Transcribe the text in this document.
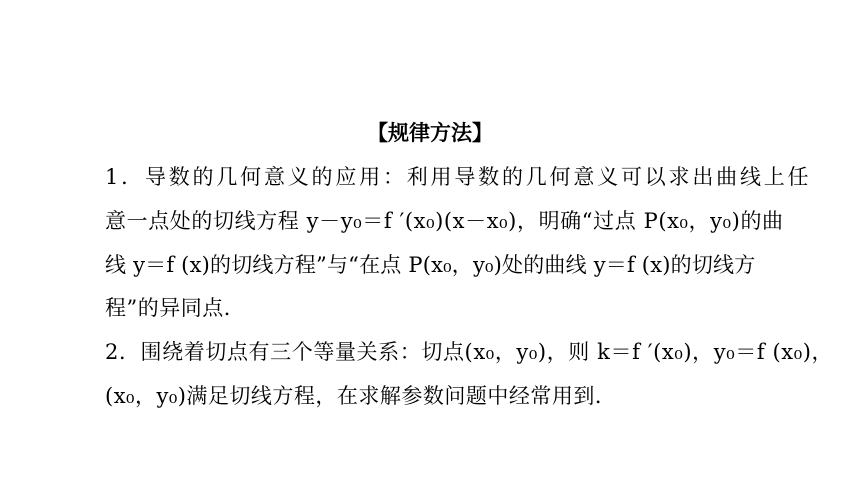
【规律方法】
1．导数的几何意义的应用：利用导数的几何意义可以求出曲线上任
意一点处的切线方程 y－y₀＝f ′(x₀)(x－x₀)，明确“过点 P(x₀，y₀)的曲
线 y＝f (x)的切线方程”与“在点 P(x₀，y₀)处的曲线 y＝f (x)的切线方
程”的异同点．
2．围绕着切点有三个等量关系：切点(x₀，y₀)，则 k＝f ′(x₀)，y₀＝f (x₀)，
(x₀，y₀)满足切线方程，在求解参数问题中经常用到．
